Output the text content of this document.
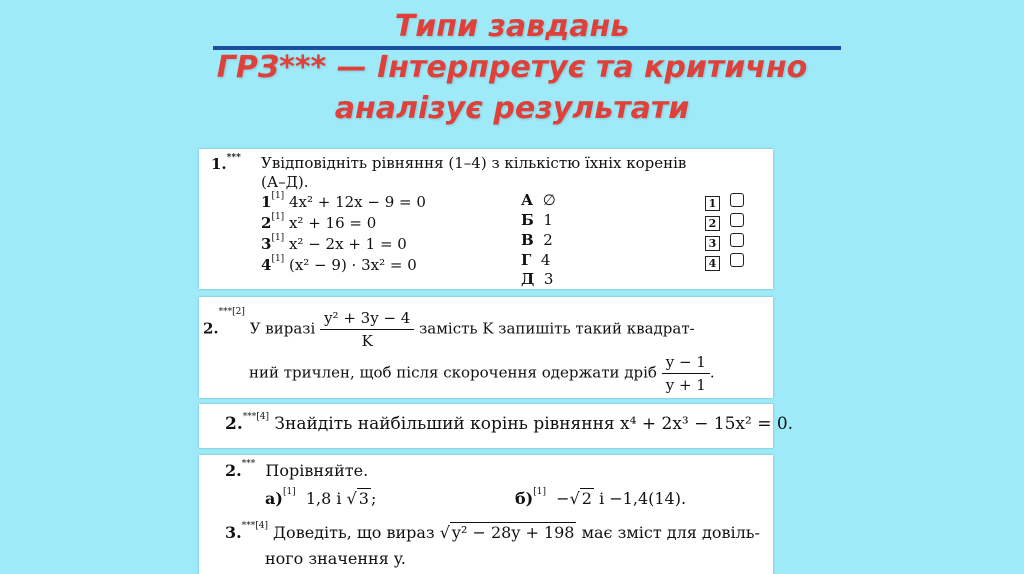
Типи завдань
ГРЗ*** — Інтерпретує та критично
аналізує результати
1.*** Увідповідніть рівняння (1–4) з кількістю їхніх коренів
(А–Д).
1[1] 4x² + 12x − 9 = 0
2[1] x² + 16 = 0
3[1] x² − 2x + 1 = 0
4[1] (x² − 9) · 3x² = 0
А ∅
Б 1
В 2
Г 4
Д 3
1
2
3
4
2.$^{***[2]}$ У виразі $\frac{\text{y² + 3y − 4}}{K}$ замість K запишіть такий квадрат-
ний тричлен, щоб після скорочення одержати дріб $\frac{y - 1}{y + 1}$ .
2.$^{***[4]}$ Знайдіть найбільший корінь рівняння x⁴ + 2x³ − 15x² = 0.
2.*** Порівняйте.
а)[1] 1,8 і √ 3 ;	б)[1] −√ 2 і −1,4(14).
3.$^{***[4]}$ Доведіть, що вираз √ y² − 28y + 198 має зміст для довіль-
ного значення y.
